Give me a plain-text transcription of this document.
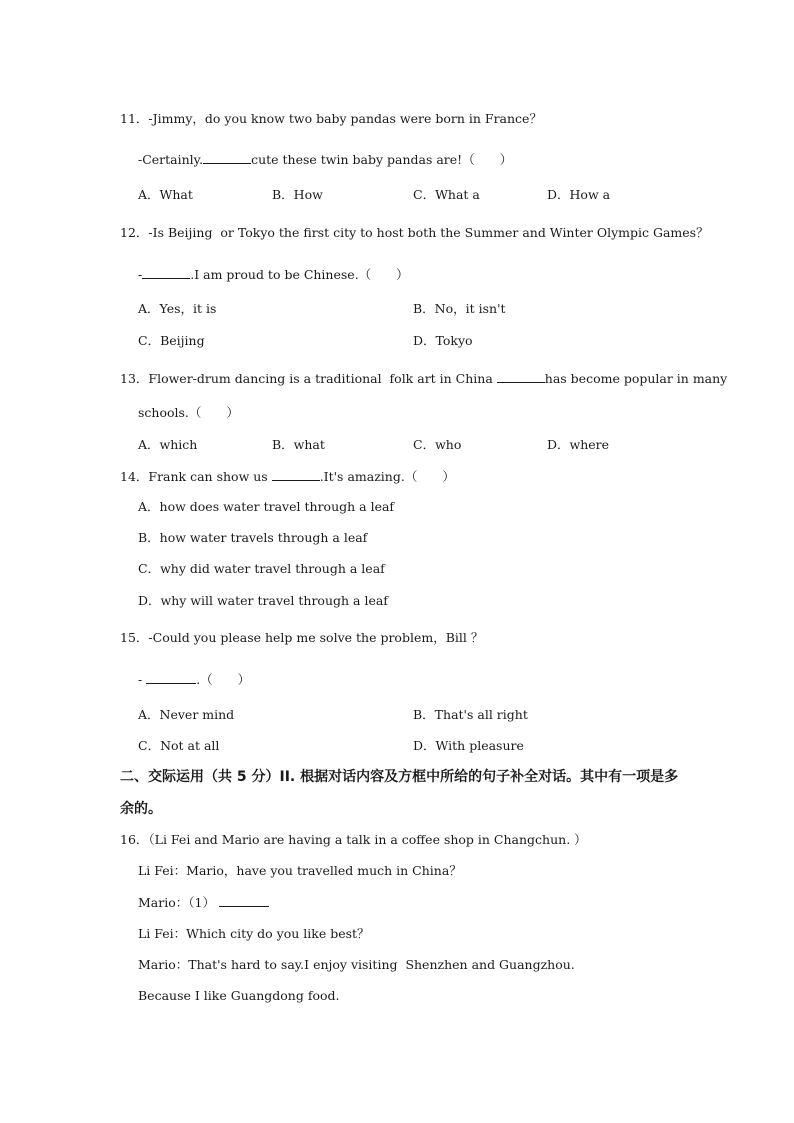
11．-Jimmy，do you know two baby pandas were born in France？
-Certainly.	cute these twin baby pandas are!（　　）
A．What	B．How	C．What a	D．How a
12．-Is Beijing  or Tokyo the first city to host both the Summer and Winter Olympic Games？
-	.I am proud to be Chinese.（　　）
A．Yes，it is	B．No，it isn't
C．Beijing	D．Tokyo
13．Flower-drum dancing is a traditional  folk art in China	has become popular in many
schools.（　　）
A．which	B．what	C．who	D．where
14．Frank can show us	.It's amazing.（　　）
A．how does water travel through a leaf
B．how water travels through a leaf
C．why did water travel through a leaf
D．why will water travel through a leaf
15．-Could you please help me solve the problem，Bill ？
-	.（　　）
A．Never mind	B．That's all right
C．Not at all	D．With pleasure
二、交际运用（共 5 分）II. 根据对话内容及方框中所给的句子补全对话。其中有一项是多
余的。
16．（Li Fei and Mario are having a talk in a coffee shop in Changchun. ）
Li Fei：Mario，have you travelled much in China？
Mario：（1）
Li Fei：Which city do you like best？
Mario：That's hard to say.I enjoy visiting  Shenzhen and Guangzhou.
Because I like Guangdong food.
